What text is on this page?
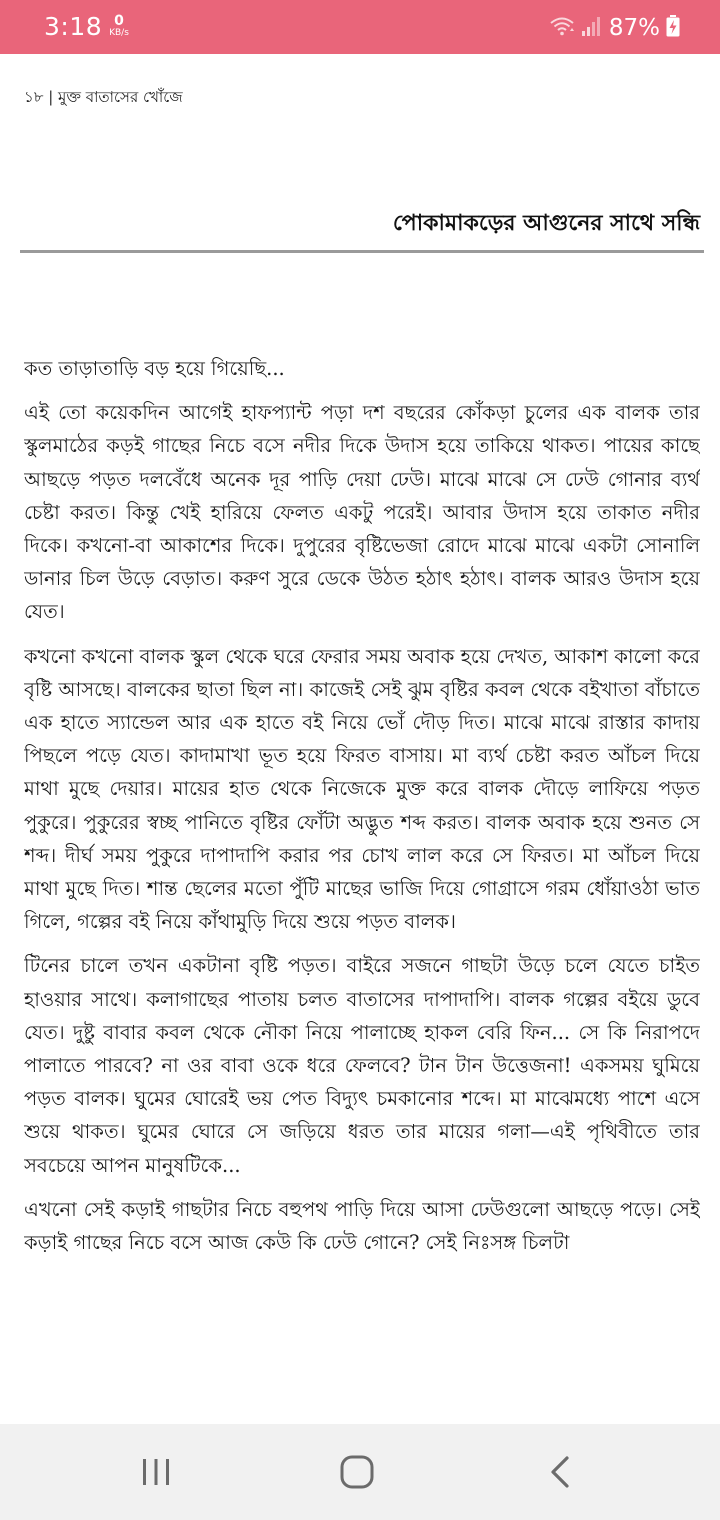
3:18 0
KB/s	87%
১৮ | মুক্ত বাতাসের খোঁজে
পোকামাকড়ের আগুনের সাথে সন্ধি

কত তাড়াতাড়ি বড় হয়ে গিয়েছি...

এই তো কয়েকদিন আগেই হাফপ্যান্ট পড়া দশ বছরের কোঁকড়া চুলের এক বালক তার স্কুলমাঠের কড়ই গাছের নিচে বসে নদীর দিকে উদাস হয়ে তাকিয়ে থাকত। পায়ের কাছে আছড়ে পড়ত দলবেঁধে অনেক দূর পাড়ি দেয়া ঢেউ। মাঝে মাঝে সে ঢেউ গোনার ব্যর্থ চেষ্টা করত। কিন্তু খেই হারিয়ে ফেলত একটু পরেই। আবার উদাস হয়ে তাকাত নদীর দিকে। কখনো-বা আকাশের দিকে। দুপুরের বৃষ্টিভেজা রোদে মাঝে মাঝে একটা সোনালি ডানার চিল উড়ে বেড়াত। করুণ সুরে ডেকে উঠত হঠাৎ হঠাৎ। বালক আরও উদাস হয়ে যেত।

কখনো কখনো বালক স্কুল থেকে ঘরে ফেরার সময় অবাক হয়ে দেখত, আকাশ কালো করে বৃষ্টি আসছে। বালকের ছাতা ছিল না। কাজেই সেই ঝুম বৃষ্টির কবল থেকে বইখাতা বাঁচাতে এক হাতে স্যান্ডেল আর এক হাতে বই নিয়ে ভোঁ দৌড় দিত। মাঝে মাঝে রাস্তার কাদায় পিছলে পড়ে যেত। কাদামাখা ভূত হয়ে ফিরত বাসায়। মা ব্যর্থ চেষ্টা করত আঁচল দিয়ে মাথা মুছে দেয়ার। মায়ের হাত থেকে নিজেকে মুক্ত করে বালক দৌড়ে লাফিয়ে পড়ত পুকুরে। পুকুরের স্বচ্ছ পানিতে বৃষ্টির ফোঁটা অদ্ভুত শব্দ করত। বালক অবাক হয়ে শুনত সে শব্দ। দীর্ঘ সময় পুকুরে দাপাদাপি করার পর চোখ লাল করে সে ফিরত। মা আঁচল দিয়ে মাথা মুছে দিত। শান্ত ছেলের মতো পুঁটি মাছের ভাজি দিয়ে গোগ্রাসে গরম ধোঁয়াওঠা ভাত গিলে, গল্পের বই নিয়ে কাঁথামুড়ি দিয়ে শুয়ে পড়ত বালক।

টিনের চালে তখন একটানা বৃষ্টি পড়ত। বাইরে সজনে গাছটা উড়ে চলে যেতে চাইত হাওয়ার সাথে। কলাগাছের পাতায় চলত বাতাসের দাপাদাপি। বালক গল্পের বইয়ে ডুবে যেত। দুষ্টু বাবার কবল থেকে নৌকা নিয়ে পালাচ্ছে হাকল বেরি ফিন... সে কি নিরাপদে পালাতে পারবে? না ওর বাবা ওকে ধরে ফেলবে? টান টান উত্তেজনা! একসময় ঘুমিয়ে পড়ত বালক। ঘুমের ঘোরেই ভয় পেত বিদ্যুৎ চমকানোর শব্দে। মা মাঝেমধ্যে পাশে এসে শুয়ে থাকত। ঘুমের ঘোরে সে জড়িয়ে ধরত তার মায়ের গলা—এই পৃথিবীতে তার সবচেয়ে আপন মানুষটিকে...

এখনো সেই কড়াই গাছটার নিচে বহুপথ পাড়ি দিয়ে আসা ঢেউগুলো আছড়ে পড়ে। সেই কড়াই গাছের নিচে বসে আজ কেউ কি ঢেউ গোনে? সেই নিঃসঙ্গ চিলটা
